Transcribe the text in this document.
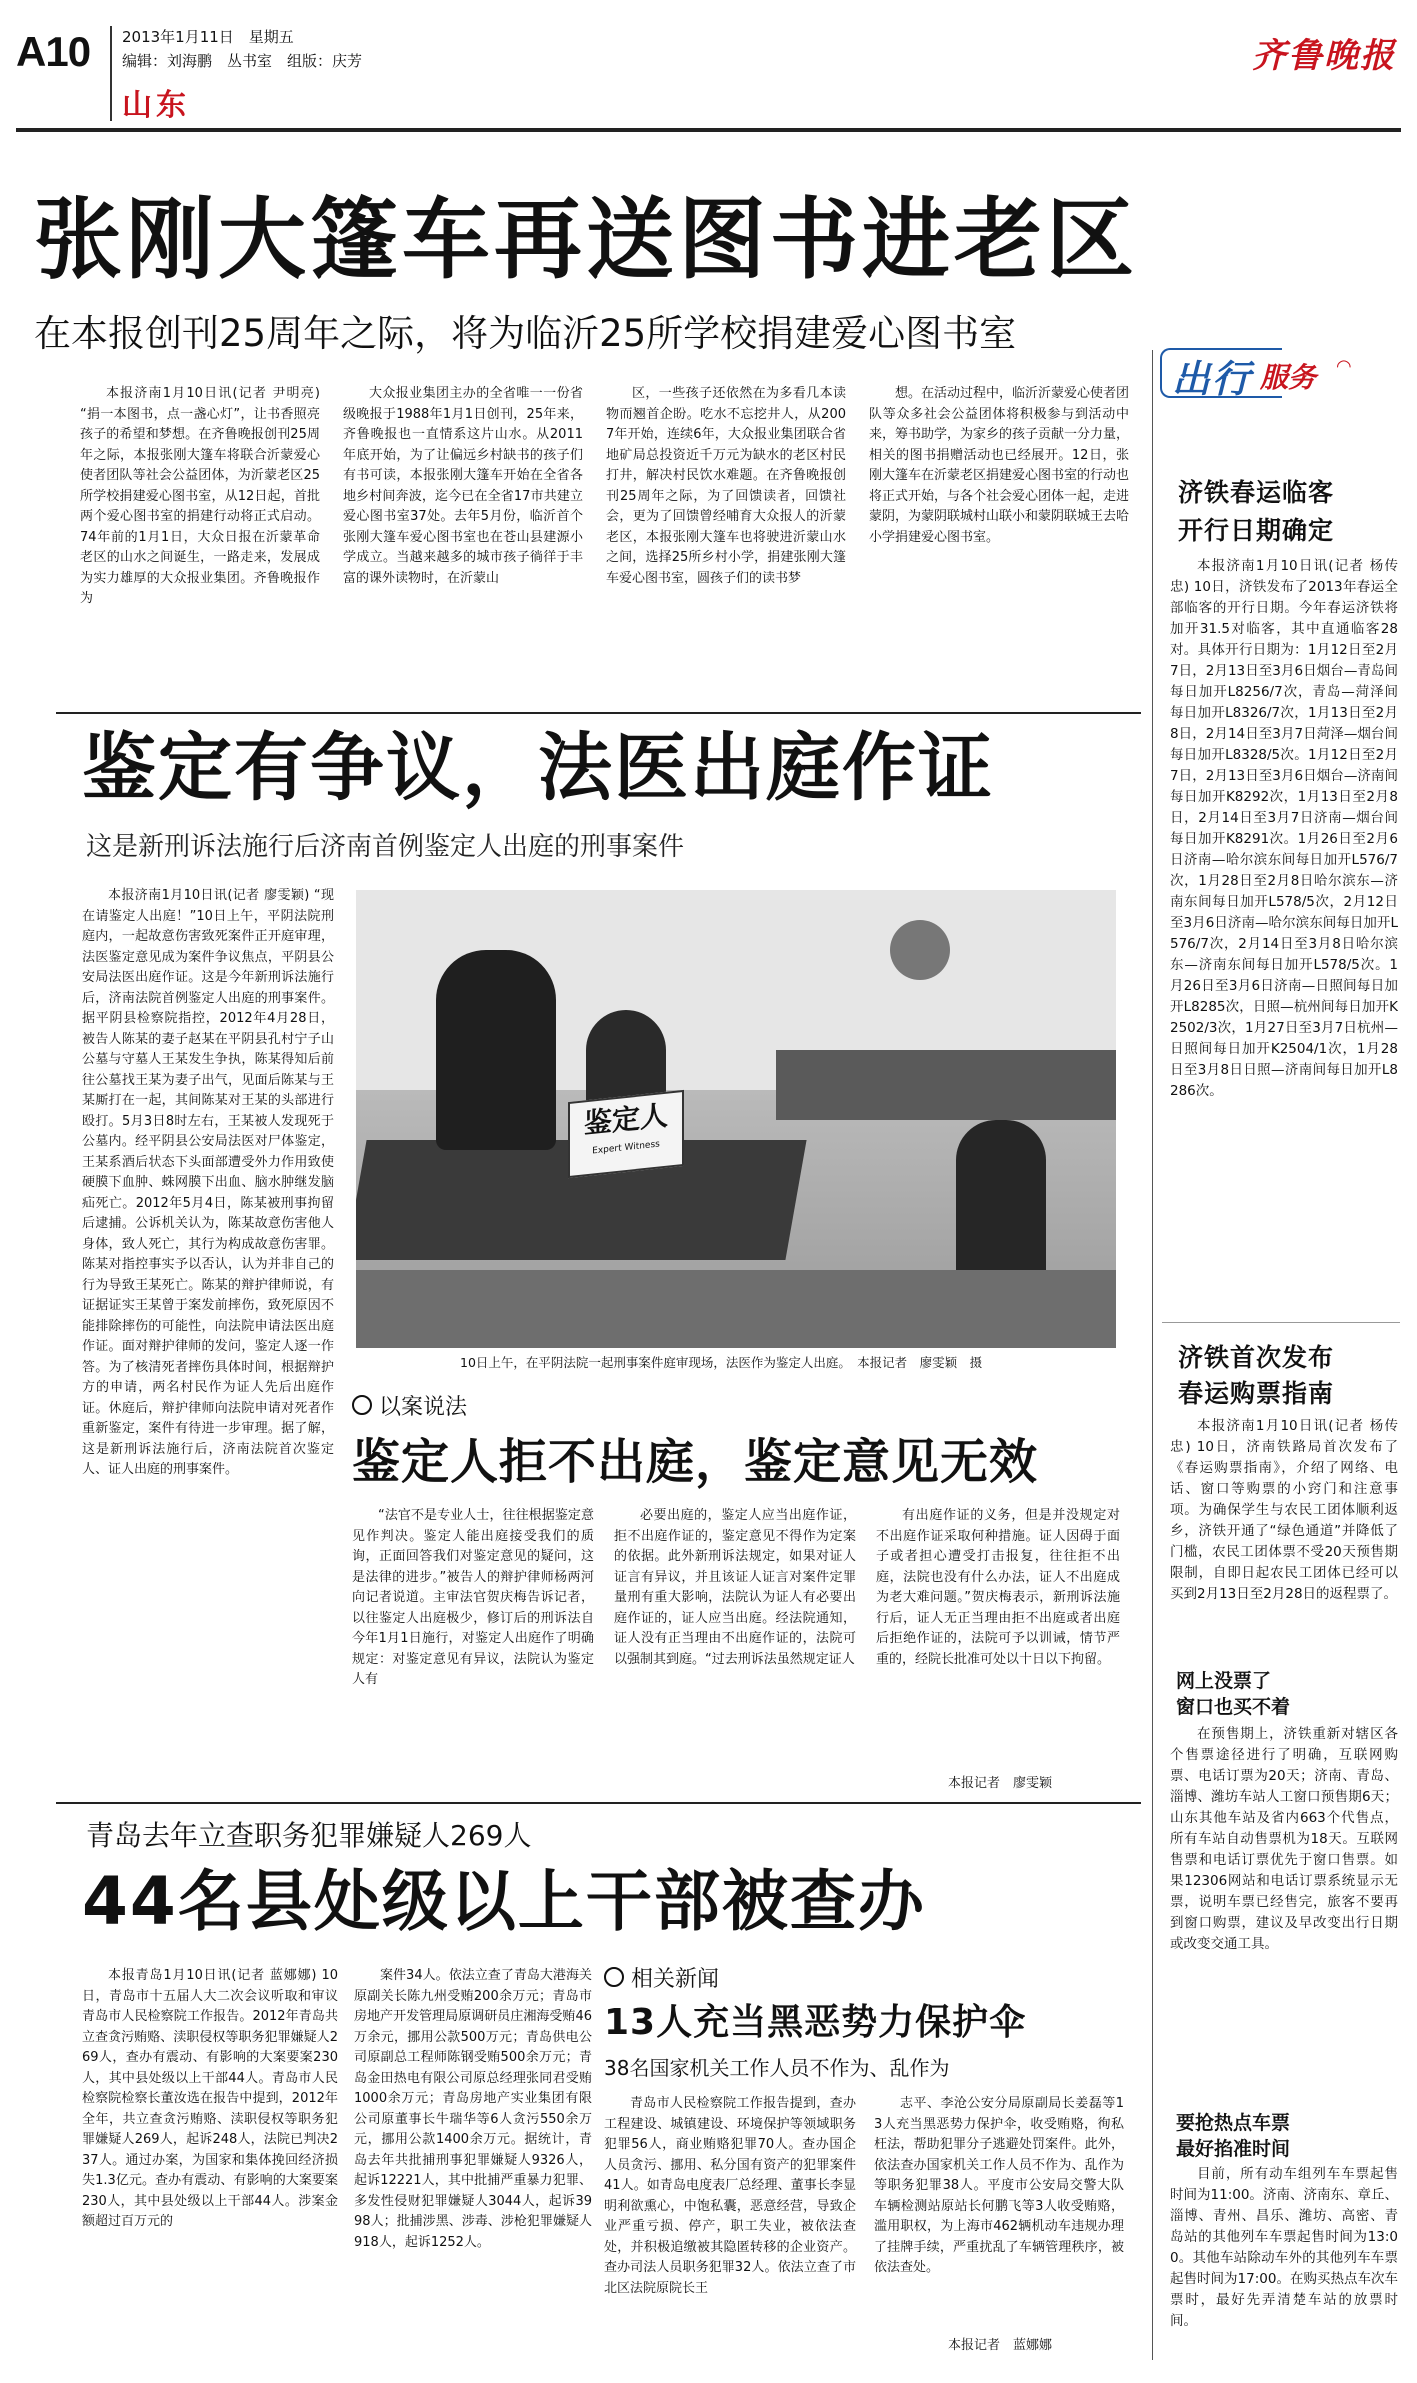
A10 2013年1月11日　星期五
编辑：刘海鹏　丛书室　组版：庆芳
山东
齐鲁晚报
张刚大篷车再送图书进老区
在本报创刊25周年之际，将为临沂25所学校捐建爱心图书室

本报济南1月10日讯(记者 尹明亮) “捐一本图书，点一盏心灯”，让书香照亮孩子的希望和梦想。在齐鲁晚报创刊25周年之际，本报张刚大篷车将联合沂蒙爱心使者团队等社会公益团体，为沂蒙老区25所学校捐建爱心图书室，从12日起，首批两个爱心图书室的捐建行动将正式启动。74年前的1月1日，大众日报在沂蒙革命老区的山水之间诞生，一路走来，发展成为实力雄厚的大众报业集团。齐鲁晚报作为

大众报业集团主办的全省唯一一份省级晚报于1988年1月1日创刊，25年来，齐鲁晚报也一直情系这片山水。从2011年底开始，为了让偏远乡村缺书的孩子们有书可读，本报张刚大篷车开始在全省各地乡村间奔波，迄今已在全省17市共建立爱心图书室37处。去年5月份，临沂首个张刚大篷车爱心图书室也在苍山县建源小学成立。当越来越多的城市孩子徜徉于丰富的课外读物时，在沂蒙山

区，一些孩子还依然在为多看几本读物而翘首企盼。吃水不忘挖井人，从2007年开始，连续6年，大众报业集团联合省地矿局总投资近千万元为缺水的老区村民打井，解决村民饮水难题。在齐鲁晚报创刊25周年之际，为了回馈读者，回馈社会，更为了回馈曾经哺育大众报人的沂蒙老区，本报张刚大篷车也将驶进沂蒙山水之间，选择25所乡村小学，捐建张刚大篷车爱心图书室，圆孩子们的读书梦

想。在活动过程中，临沂沂蒙爱心使者团队等众多社会公益团体将积极参与到活动中来，筹书助学，为家乡的孩子贡献一分力量，相关的图书捐赠活动也已经展开。12日，张刚大篷车在沂蒙老区捐建爱心图书室的行动也将正式开始，与各个社会爱心团体一起，走进蒙阴，为蒙阴联城村山联小和蒙阴联城王去哈小学捐建爱心图书室。

出行 服务 ◠
济铁春运临客
开行日期确定

本报济南1月10日讯(记者 杨传忠) 10日，济铁发布了2013年春运全部临客的开行日期。今年春运济铁将加开31.5对临客，其中直通临客28对。具体开行日期为：1月12日至2月7日，2月13日至3月6日烟台—青岛间每日加开L8256/7次，青岛—菏泽间每日加开L8326/7次，1月13日至2月8日，2月14日至3月7日菏泽—烟台间每日加开L8328/5次。1月12日至2月7日，2月13日至3月6日烟台—济南间每日加开K8292次，1月13日至2月8日，2月14日至3月7日济南—烟台间每日加开K8291次。1月26日至2月6日济南—哈尔滨东间每日加开L576/7次，1月28日至2月8日哈尔滨东—济南东间每日加开L578/5次，2月12日至3月6日济南—哈尔滨东间每日加开L576/7次，2月14日至3月8日哈尔滨东—济南东间每日加开L578/5次。1月26日至3月6日济南—日照间每日加开L8285次，日照—杭州间每日加开K2502/3次，1月27日至3月7日杭州—日照间每日加开K2504/1次，1月28日至3月8日日照—济南间每日加开L8286次。

济铁首次发布
春运购票指南

本报济南1月10日讯(记者 杨传忠) 10日，济南铁路局首次发布了《春运购票指南》，介绍了网络、电话、窗口等购票的小窍门和注意事项。为确保学生与农民工团体顺利返乡，济铁开通了“绿色通道”并降低了门槛，农民工团体票不受20天预售期限制，自即日起农民工团体已经可以买到2月13日至2月28日的返程票了。

网上没票了
窗口也买不着

在预售期上，济铁重新对辖区各个售票途径进行了明确，互联网购票、电话订票为20天；济南、青岛、淄博、潍坊车站人工窗口预售期6天；山东其他车站及省内663个代售点，所有车站自动售票机为18天。互联网售票和电话订票优先于窗口售票。如果12306网站和电话订票系统显示无票，说明车票已经售完，旅客不要再到窗口购票，建议及早改变出行日期或改变交通工具。

要抢热点车票
最好掐准时间

目前，所有动车组列车车票起售时间为11:00。济南、济南东、章丘、淄博、青州、昌乐、潍坊、高密、青岛站的其他列车车票起售时间为13:00。其他车站除动车外的其他列车车票起售时间为17:00。在购买热点车次车票时，最好先弄清楚车站的放票时间。

鉴定有争议，法医出庭作证
这是新刑诉法施行后济南首例鉴定人出庭的刑事案件

本报济南1月10日讯(记者 廖雯颖) “现在请鉴定人出庭！”10日上午，平阴法院刑庭内，一起故意伤害致死案件正开庭审理，法医鉴定意见成为案件争议焦点，平阴县公安局法医出庭作证。这是今年新刑诉法施行后，济南法院首例鉴定人出庭的刑事案件。据平阴县检察院指控，2012年4月28日，被告人陈某的妻子赵某在平阴县孔村宁子山公墓与守墓人王某发生争执，陈某得知后前往公墓找王某为妻子出气，见面后陈某与王某厮打在一起，其间陈某对王某的头部进行殴打。5月3日8时左右，王某被人发现死于公墓内。经平阴县公安局法医对尸体鉴定，王某系酒后状态下头面部遭受外力作用致使硬膜下血肿、蛛网膜下出血、脑水肿继发脑疝死亡。2012年5月4日，陈某被刑事拘留后逮捕。公诉机关认为，陈某故意伤害他人身体，致人死亡，其行为构成故意伤害罪。陈某对指控事实予以否认，认为并非自己的行为导致王某死亡。陈某的辩护律师说，有证据证实王某曾于案发前摔伤，致死原因不能排除摔伤的可能性，向法院申请法医出庭作证。面对辩护律师的发问，鉴定人逐一作答。为了核清死者摔伤具体时间，根据辩护方的申请，两名村民作为证人先后出庭作证。休庭后，辩护律师向法院申请对死者作重新鉴定，案件有待进一步审理。据了解，这是新刑诉法施行后，济南法院首次鉴定人、证人出庭的刑事案件。

鉴定人
Expert Witness
10日上午，在平阴法院一起刑事案件庭审现场，法医作为鉴定人出庭。　本报记者　廖雯颖　摄
以案说法
鉴定人拒不出庭，鉴定意见无效

“法官不是专业人士，往往根据鉴定意见作判决。鉴定人能出庭接受我们的质询，正面回答我们对鉴定意见的疑问，这是法律的进步。”被告人的辩护律师杨两河向记者说道。主审法官贺庆梅告诉记者，以往鉴定人出庭极少，修订后的刑诉法自今年1月1日施行，对鉴定人出庭作了明确规定：对鉴定意见有异议，法院认为鉴定人有

必要出庭的，鉴定人应当出庭作证，拒不出庭作证的，鉴定意见不得作为定案的依据。此外新刑诉法规定，如果对证人证言有异议，并且该证人证言对案件定罪量刑有重大影响，法院认为证人有必要出庭作证的，证人应当出庭。经法院通知，证人没有正当理由不出庭作证的，法院可以强制其到庭。“过去刑诉法虽然规定证人

有出庭作证的义务，但是并没规定对不出庭作证采取何种措施。证人因碍于面子或者担心遭受打击报复，往往拒不出庭，法院也没有什么办法，证人不出庭成为老大难问题。”贺庆梅表示，新刑诉法施行后，证人无正当理由拒不出庭或者出庭后拒绝作证的，法院可予以训诫，情节严重的，经院长批准可处以十日以下拘留。

本报记者　廖雯颖
青岛去年立查职务犯罪嫌疑人269人
44名县处级以上干部被查办

本报青岛1月10日讯(记者 蓝娜娜) 10日，青岛市十五届人大二次会议听取和审议青岛市人民检察院工作报告。2012年青岛共立查贪污贿赂、渎职侵权等职务犯罪嫌疑人269人，查办有震动、有影响的大案要案230人，其中县处级以上干部44人。青岛市人民检察院检察长董汝选在报告中提到，2012年全年，共立查贪污贿赂、渎职侵权等职务犯罪嫌疑人269人，起诉248人，法院已判决237人。通过办案，为国家和集体挽回经济损失1.3亿元。查办有震动、有影响的大案要案230人，其中县处级以上干部44人。涉案金额超过百万元的

案件34人。依法立查了青岛大港海关原副关长陈九州受贿200余万元；青岛市房地产开发管理局原调研员庄湘海受贿46万余元，挪用公款500万元；青岛供电公司原副总工程师陈钢受贿500余万元；青岛金田热电有限公司原总经理张同君受贿1000余万元；青岛房地产实业集团有限公司原董事长牛瑞华等6人贪污550余万元，挪用公款1400余万元。据统计，青岛去年共批捕刑事犯罪嫌疑人9326人，起诉12221人，其中批捕严重暴力犯罪、多发性侵财犯罪嫌疑人3044人，起诉3998人；批捕涉黑、涉毒、涉枪犯罪嫌疑人918人，起诉1252人。

相关新闻
13人充当黑恶势力保护伞
38名国家机关工作人员不作为、乱作为

青岛市人民检察院工作报告提到，查办工程建设、城镇建设、环境保护等领域职务犯罪56人，商业贿赂犯罪70人。查办国企人员贪污、挪用、私分国有资产的犯罪案件41人。如青岛电度表厂总经理、董事长李显明利欲熏心，中饱私囊，恶意经营，导致企业严重亏损、停产，职工失业，被依法查处，并积极追缴被其隐匿转移的企业资产。查办司法人员职务犯罪32人。依法立查了市北区法院原院长王

志平、李沧公安分局原副局长姜磊等13人充当黑恶势力保护伞，收受贿赂，徇私枉法，帮助犯罪分子逃避处罚案件。此外，依法查办国家机关工作人员不作为、乱作为等职务犯罪38人。平度市公安局交警大队车辆检测站原站长何鹏飞等3人收受贿赂，滥用职权，为上海市462辆机动车违规办理了挂牌手续，严重扰乱了车辆管理秩序，被依法查处。

本报记者　蓝娜娜
